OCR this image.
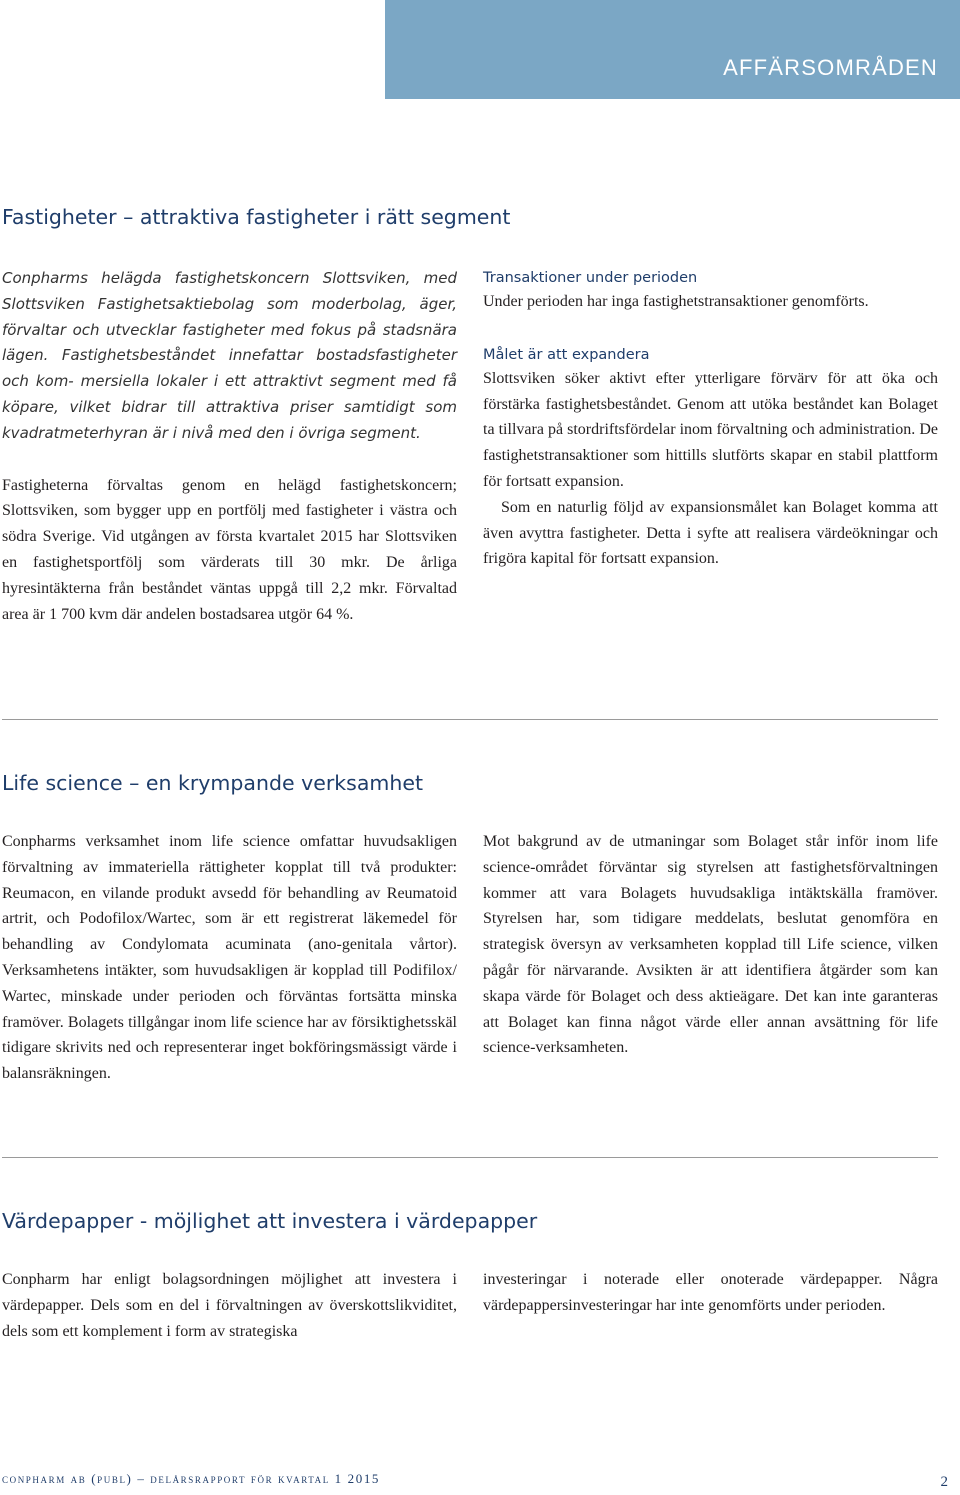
AFFÄRSOMRÅDEN
Fastigheter – attraktiva fastigheter i rätt segment

Conpharms helägda fastighetskoncern Slottsviken, med Slottsviken Fastighetsaktiebolag som moderbolag, äger, förvaltar och utvecklar fastigheter med fokus på stadsnära lägen. Fastighetsbeståndet innefattar bostadsfastigheter och kom- mersiella lokaler i ett attraktivt segment med få köpare, vilket bidrar till attraktiva priser samtidigt som kvadratmeterhyran är i nivå med den i övriga segment.

Fastigheterna förvaltas genom en helägd fastighetskoncern; Slottsviken, som bygger upp en portfölj med fastigheter i västra och södra Sverige. Vid utgången av första kvartalet 2015 har Slottsviken en fastighetsportfölj som värderats till 30 mkr. De årliga hyresintäkterna från beståndet väntas uppgå till 2,2 mkr. Förvaltad area är 1 700 kvm där andelen bostadsarea utgör 64 %.

Transaktioner under perioden

Under perioden har inga fastighetstransaktioner genomförts.

Målet är att expandera

Slottsviken söker aktivt efter ytterligare förvärv för att öka och förstärka fastighetsbeståndet. Genom att utöka beståndet kan Bolaget ta tillvara på stordriftsfördelar inom förvaltning och administration. De fastighetstransaktioner som hittills slutförts skapar en stabil plattform för fortsatt expansion.

Som en naturlig följd av expansionsmålet kan Bolaget komma att även avyttra fastigheter. Detta i syfte att realisera värdeökningar och frigöra kapital för fortsatt expansion.

Life science – en krympande verksamhet

Conpharms verksamhet inom life science omfattar huvudsakligen förvaltning av immateriella rättigheter kopplat till två produkter: Reumacon, en vilande produkt avsedd för behandling av Reumatoid artrit, och Podofilox/Wartec, som är ett registrerat läkemedel för behandling av Condylomata acuminata (ano-genitala vårtor). Verksamhetens intäkter, som huvudsakligen är kopplad till Podifilox/ Wartec, minskade under perioden och förväntas fortsätta minska framöver. Bolagets tillgångar inom life science har av försiktighetsskäl tidigare skrivits ned och representerar inget bokföringsmässigt värde i balansräkningen.

Mot bakgrund av de utmaningar som Bolaget står inför inom life science-området förväntar sig styrelsen att fastighetsförvaltningen kommer att vara Bolagets huvudsakliga intäktskälla framöver. Styrelsen har, som tidigare meddelats, beslutat genomföra en strategisk översyn av verksamheten kopplad till Life science, vilken pågår för närvarande. Avsikten är att identifiera åtgärder som kan skapa värde för Bolaget och dess aktieägare. Det kan inte garanteras att Bolaget kan finna något värde eller annan avsättning för life science-verksamheten.

Värdepapper - möjlighet att investera i värdepapper

Conpharm har enligt bolagsordningen möjlighet att investera i värdepapper. Dels som en del i förvaltningen av överskottslikviditet, dels som ett komplement i form av strategiska

investeringar i noterade eller onoterade värdepapper. Några värdepappersinvesteringar har inte genomförts under perioden.

conpharm ab (publ) – delårsrapport för kvartal 1 2015	2
